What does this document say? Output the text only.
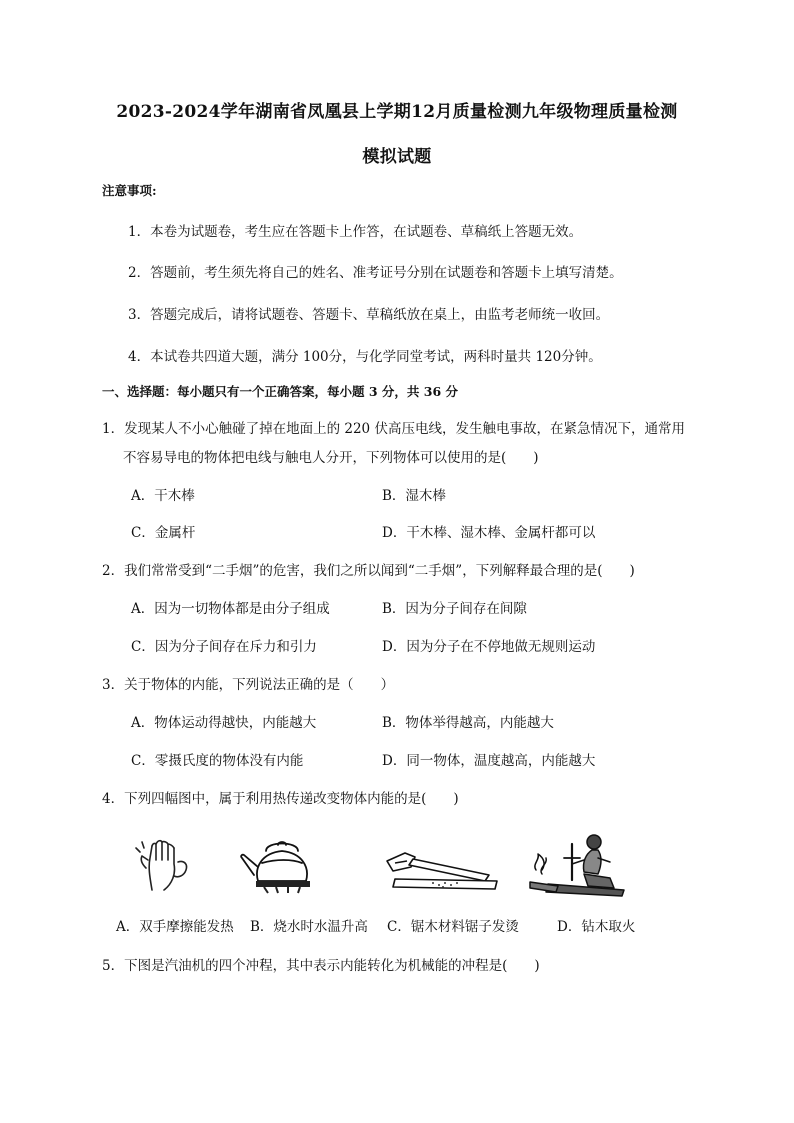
2023-2024学年湖南省凤凰县上学期12月质量检测九年级物理质量检测
模拟试题
注意事项:
1．本卷为试题卷，考生应在答题卡上作答，在试题卷、草稿纸上答题无效。
2．答题前，考生须先将自己的姓名、准考证号分别在试题卷和答题卡上填写清楚。
3．答题完成后，请将试题卷、答题卡、草稿纸放在桌上，由监考老师统一收回。
4．本试卷共四道大题，满分 100分，与化学同堂考试，两科时量共 120分钟。
一、选择题：每小题只有一个正确答案，每小题 3 分，共 36 分
1．发现某人不小心触碰了掉在地面上的 220 伏高压电线，发生触电事故，在紧急情况下，通常用
不容易导电的物体把电线与触电人分开，下列物体可以使用的是(　　)
A．干木棒	B．湿木棒
C．金属杆	D．干木棒、湿木棒、金属杆都可以
2．我们常常受到“二手烟”的危害，我们之所以闻到“二手烟”，下列解释最合理的是(　　)
A．因为一切物体都是由分子组成	B．因为分子间存在间隙
C．因为分子间存在斥力和引力	D．因为分子在不停地做无规则运动
3．关于物体的内能，下列说法正确的是（　　）
A．物体运动得越快，内能越大	B．物体举得越高，内能越大
C．零摄氏度的物体没有内能	D．同一物体，温度越高，内能越大
4．下列四幅图中，属于利用热传递改变物体内能的是(　　)
A．双手摩擦能发热 B．烧水时水温升高 C．锯木材料锯子发烫	D．钻木取火
5．下图是汽油机的四个冲程，其中表示内能转化为机械能的冲程是(　　)
